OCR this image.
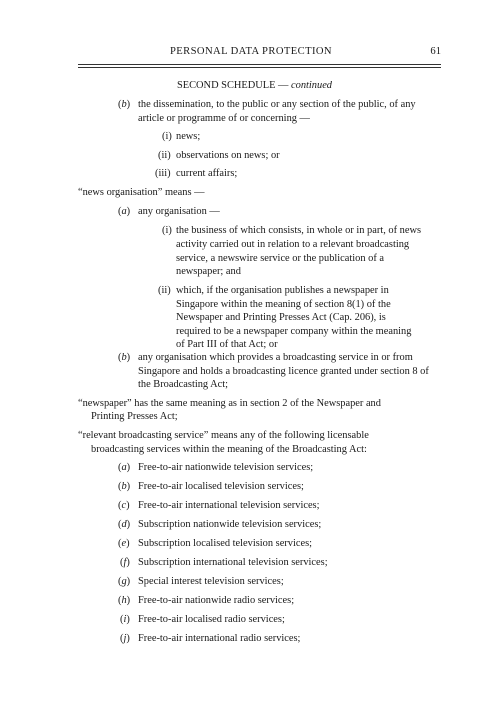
PERSONAL DATA PROTECTION	61
SECOND SCHEDULE — continued
(b) the dissemination, to the public or any section of the public, of any
article or programme of or concerning —
(i) news;
(ii) observations on news; or
(iii) current affairs;
“news organisation” means —
(a) any organisation —
(i) the business of which consists, in whole or in part, of news
activity carried out in relation to a relevant broadcasting
service, a newswire service or the publication of a
newspaper; and
(ii) which, if the organisation publishes a newspaper in
Singapore within the meaning of section 8(1) of the
Newspaper and Printing Presses Act (Cap. 206), is
required to be a newspaper company within the meaning
of Part III of that Act; or
(b) any organisation which provides a broadcasting service in or from
Singapore and holds a broadcasting licence granted under section 8 of
the Broadcasting Act;
“newspaper” has the same meaning as in section 2 of the Newspaper and
Printing Presses Act;
“relevant broadcasting service” means any of the following licensable
broadcasting services within the meaning of the Broadcasting Act:
(a) Free-to-air nationwide television services;
(b) Free-to-air localised television services;
(c) Free-to-air international television services;
(d) Subscription nationwide television services;
(e) Subscription localised television services;
(f) Subscription international television services;
(g) Special interest television services;
(h) Free-to-air nationwide radio services;
(i) Free-to-air localised radio services;
(j) Free-to-air international radio services;
